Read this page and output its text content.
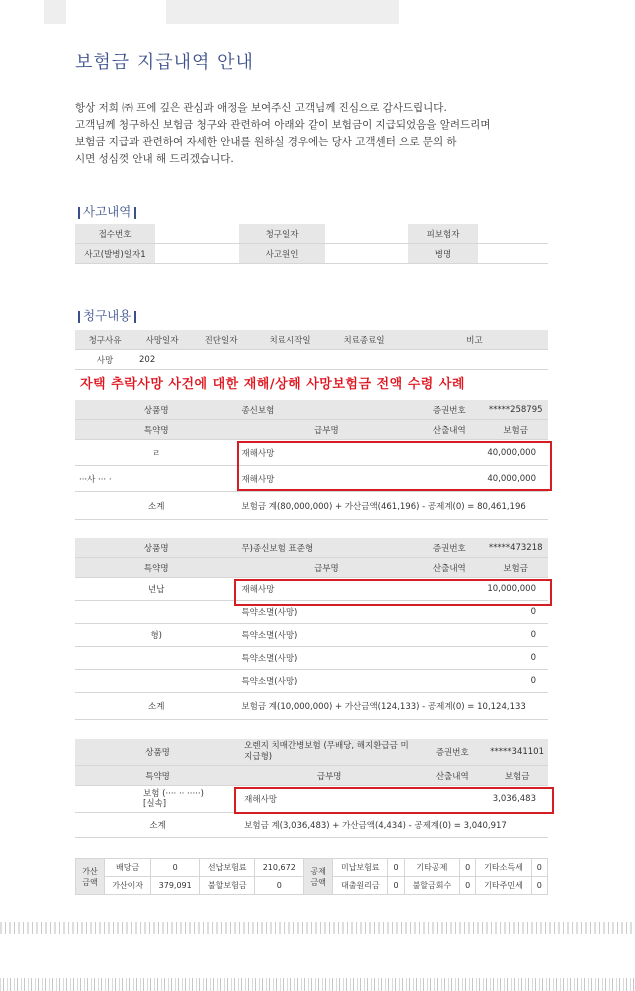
보험금 지급내역 안내

항상 저희 ㈜ 프에 깊은 관심과 애정을 보여주신 고객님께 진심으로 감사드립니다.

고객님께 청구하신 보험금 청구와 관련하여 아래와 같이 보험금이 지급되었음을 알려드리며

보험금 지급과 관련하여 자세한 안내를 원하실 경우에는 당사 고객센터 으로 문의 하

시면 성심껏 안내 해 드리겠습니다.

사고내역
접수번호		청구일자		피보험자	
사고(발병)일자1		사고원인		병명	
청구내용
청구사유	사망일자	진단일자	치료시작일	치료종료일	비고
사망	202				
자택 추락사망 사건에 대한 재해/상해 사망보험금 전액 수령 사례
상품명	종신보험	증권번호	*****258795
특약명	급부명	산출내역	보험금
ㄹ	재해사망		40,000,000
···사 ··· ·	재해사망		40,000,000
소계	보험금 계(80,000,000) + 가산금액(461,196) - 공제계(0) = 80,461,196		
상품명	무)종신보험 표준형	증권번호	*****473218
특약명	급부명	산출내역	보험금
년납	재해사망		10,000,000
	특약소멸(사망)		0
형)	특약소멸(사망)		0
	특약소멸(사망)		0
	특약소멸(사망)		0
소계	보험금 계(10,000,000) + 가산금액(124,133) - 공제계(0) = 10,124,133		
상품명	오렌지 치매간병보험 (무배당, 해지환급금 미지급형)	증권번호	*****341101
특약명	급부명	산출내역	보험금
보험 (···· ·· ·····)
[실속]	재해사망		3,036,483
소계	보험금 계(3,036,483) + 가산금액(4,434) - 공제계(0) = 3,040,917		
가산금액	배당금	0	선납보험료	210,672	공제금액	미납보험료	0	기타공제	0	기타소득세	0
	가산이자	379,091	불할보험금	0		대출원리금	0	불할금회수	0	기타주민세	0
